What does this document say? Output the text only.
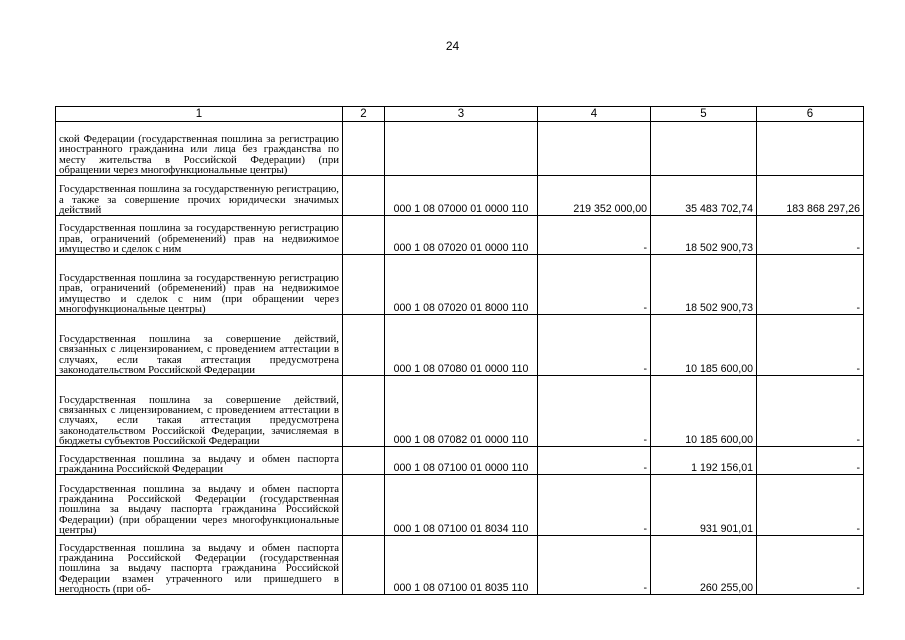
24
1	2	3	4	5	6
ской Федерации (государственная пошлина за регистрацию иностранного гражданина или лица без гражданства по месту жительства в Российской Федерации) (при обращении через многофункциональные центры)					
Государственная пошлина за государственную регистрацию, а также за совершение прочих юридически значимых действий		000 1 08 07000 01 0000 110	219 352 000,00	35 483 702,74	183 868 297,26
Государственная пошлина за государственную регистрацию прав, ограничений (обременений) прав на недвижимое имущество и сделок с ним		000 1 08 07020 01 0000 110	-	18 502 900,73	-
Государственная пошлина за государственную регистрацию прав, ограничений (обременений) прав на недвижимое имущество и сделок с ним (при обращении через многофункциональные центры)		000 1 08 07020 01 8000 110	-	18 502 900,73	-
Государственная пошлина за совершение действий, связанных с лицензированием, с проведением аттестации в случаях, если такая аттестация предусмотрена законодательством Российской Федерации		000 1 08 07080 01 0000 110	-	10 185 600,00	-
Государственная пошлина за совершение действий, связанных с лицензированием, с проведением аттестации в случаях, если такая аттестация предусмотрена законодательством Российской Федерации, зачисляемая в бюджеты субъектов Российской Федерации		000 1 08 07082 01 0000 110	-	10 185 600,00	-
Государственная пошлина за выдачу и обмен паспорта гражданина Российской Федерации		000 1 08 07100 01 0000 110	-	1 192 156,01	-
Государственная пошлина за выдачу и обмен паспорта гражданина Российской Федерации (государственная пошлина за выдачу паспорта гражданина Российской Федерации) (при обращении через многофункциональные центры)		000 1 08 07100 01 8034 110	-	931 901,01	-
Государственная пошлина за выдачу и обмен паспорта гражданина Российской Федерации (государственная пошлина за выдачу паспорта гражданина Российской Федерации взамен утраченного или пришедшего в негодность (при об-		000 1 08 07100 01 8035 110	-	260 255,00	-
